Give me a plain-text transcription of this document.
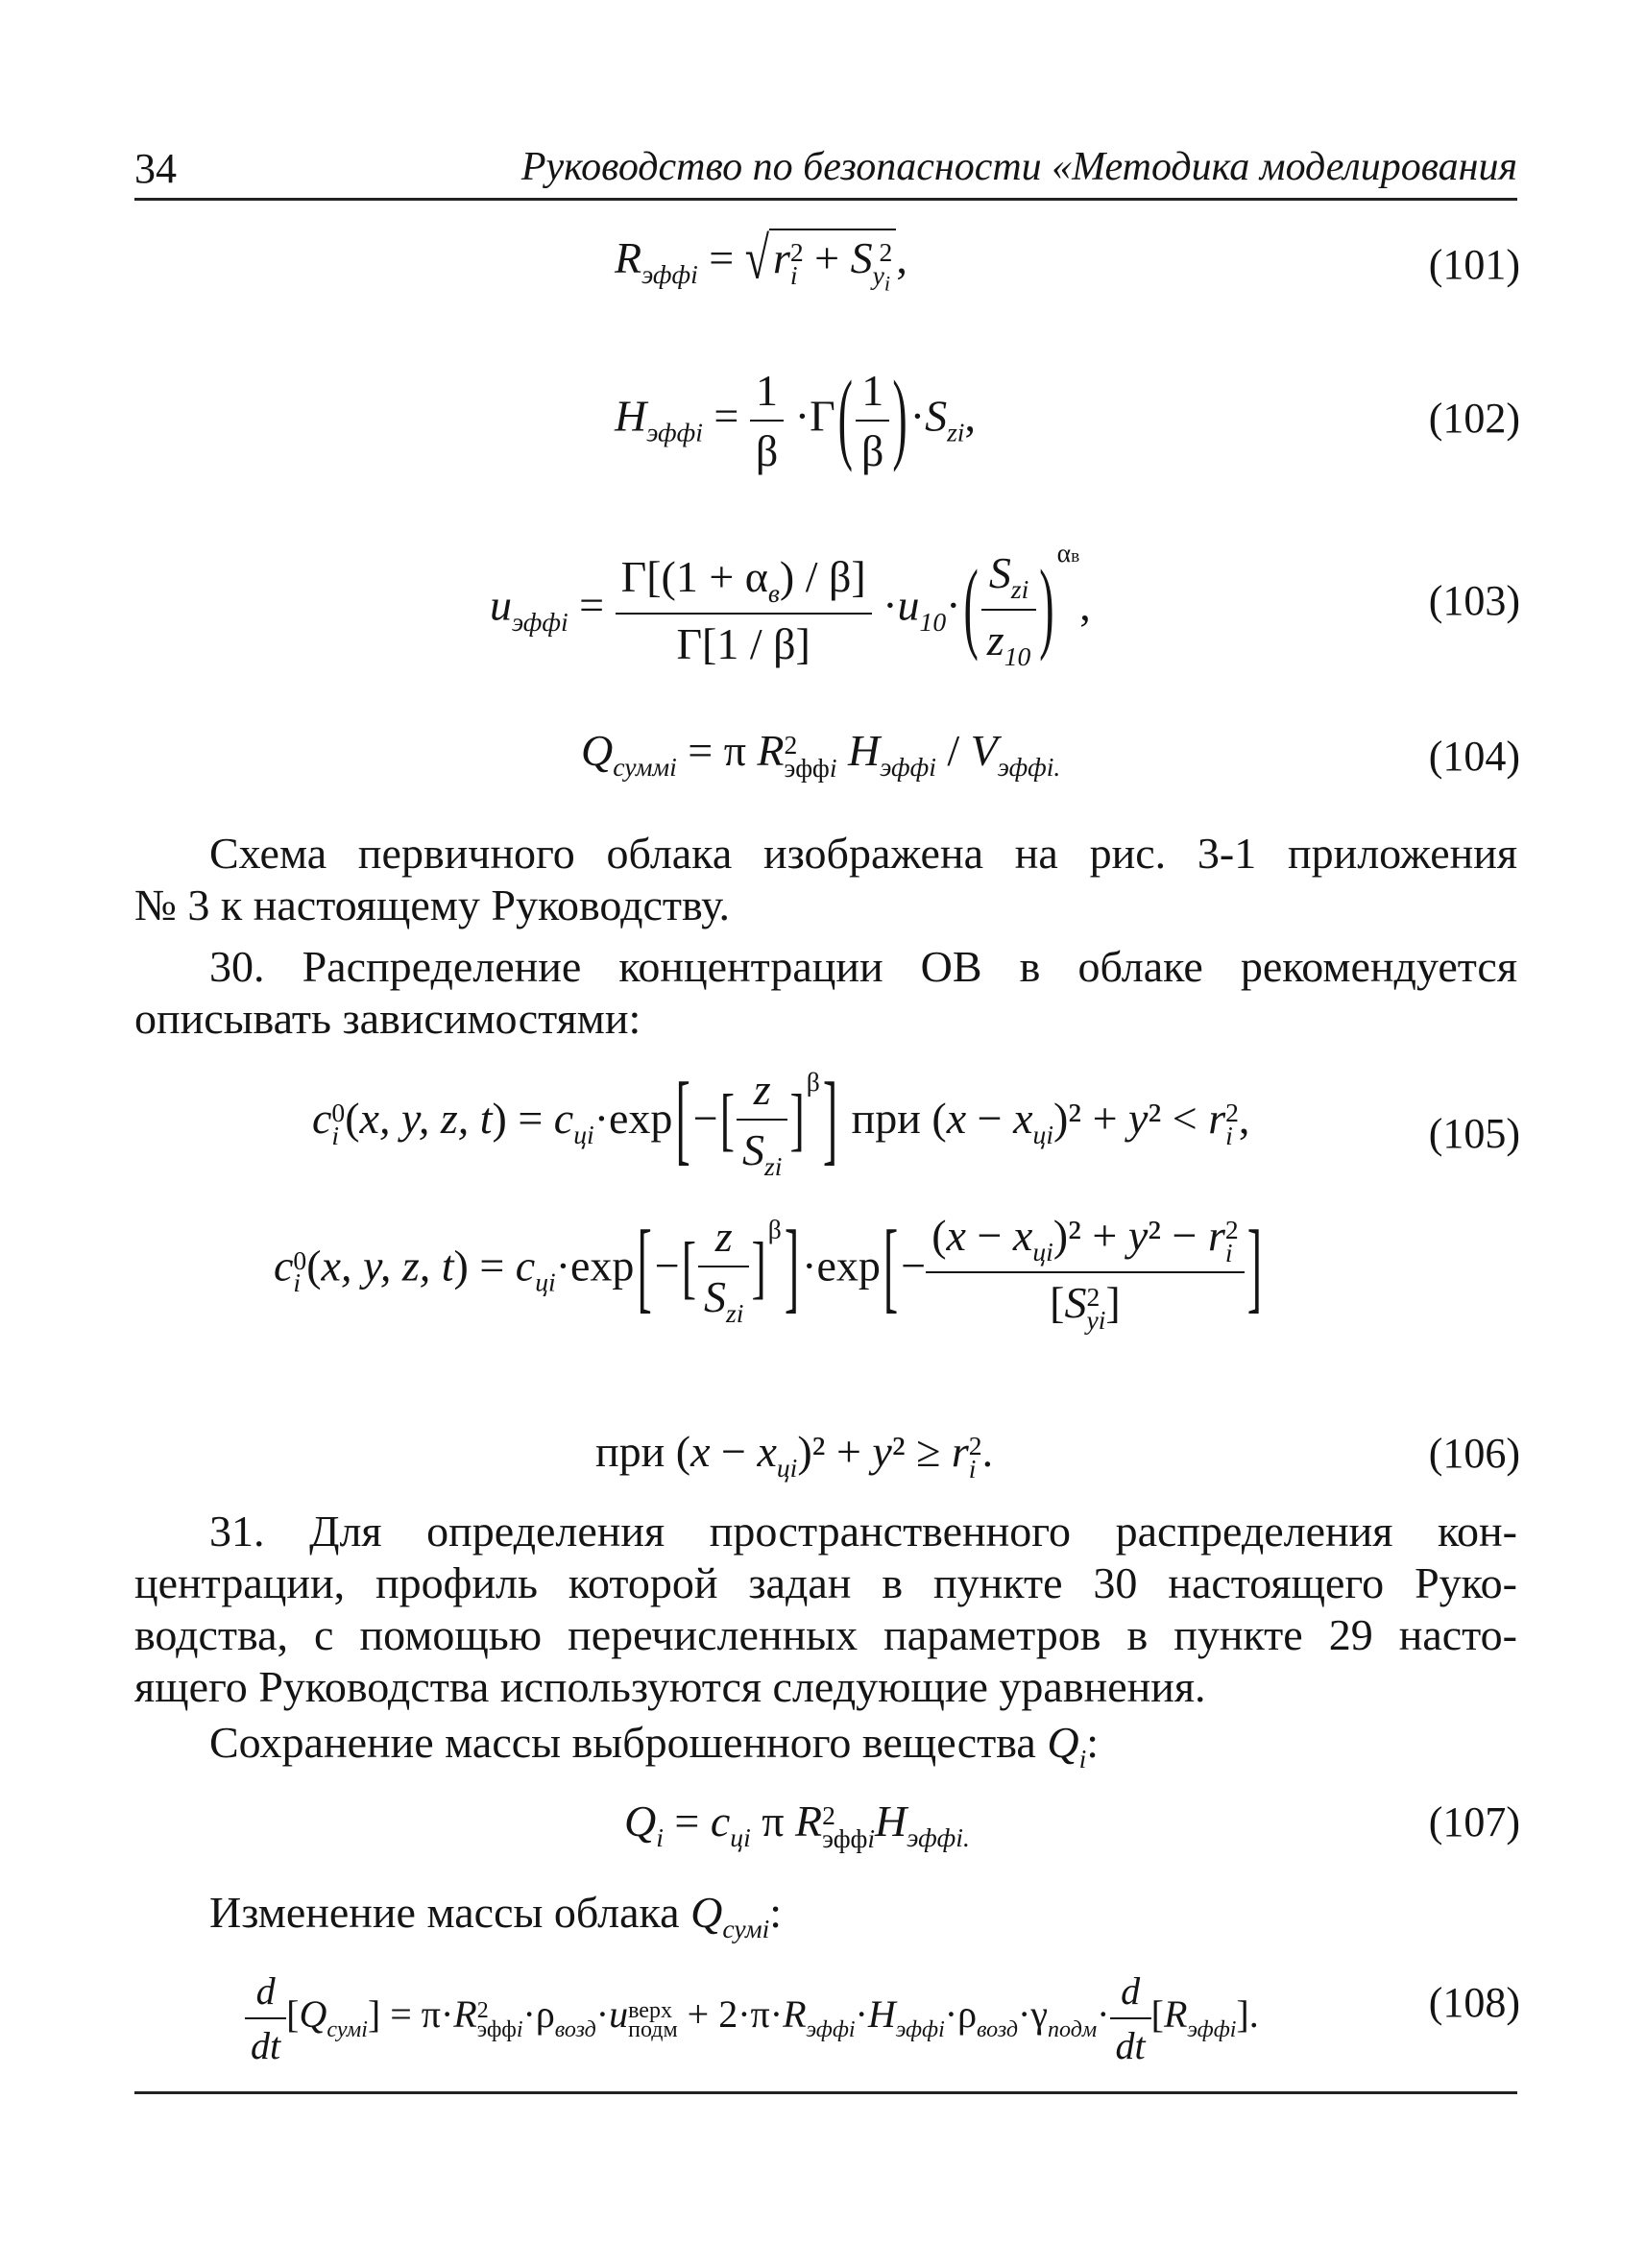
34	Руководство по безопасности «Методика моделирования
$R_{эффi} = √r$ 2
i + S 2
$y_i$
,	(101)
$H_{эффi} = \frac{1}{\beta} \cdot\Gamma( \frac{1}{\beta} )\cdot S_{zi}$,	(102)
$u_{эффi} = \frac{\Gamma[(1 + \alpha_в) / \beta]}{\Gamma[1 / \beta]} \cdot u_{10}\cdot( \frac{S_{zi}}{z_{10}}$ ) $^{\alpha в}$,	(103)
$Q_{суммi} = \pi$ R 2
эффi $H_{эффi} / V_{эффi.}$	(104)
Схема первичного облака изображена на рис. 3-1 приложения
№ 3 к настоящему Руководству.
30. Распределение концентрации ОВ в облаке рекомендуется
описывать зависимостями:
c 0
i (x, y, z, $t) = c_{цi}\cdot\exp[-[ \frac{z}{S_{zi}} ]^\beta]$ при $(x - x_{цi})^2 + y^2 < r$ 2
i ,	(105)
c 0
i (x, y, z, $t) = c_{цi}\cdot\exp[-[ \frac{z}{S_{zi}} ]^\beta]\cdot\exp[- (x - x_{цi})^2 + y^2 - r$ 2
i
[S 2
yi ] ]
при $(x - x_{цi})^2 + y^2 \ge r$ 2
i .	(106)
31. Для определения пространственного распределения кон-
центрации, профиль которой задан в пункте 30 настоящего Руко-
водства, с помощью перечисленных параметров в пункте 29 насто-
ящего Руководства используются следующие уравнения.
Сохранение массы выброшенного вещества $Q_i$:
$Q_i = c_{цi}$ π R 2
эффi $H_{эффi.}$	(107)
Изменение массы облака $Q_{сумi}$:
$\frac{d}{dt} [Q_{сумi}] = \pi\cdot R$ 2
эффi $\cdot\rho_{возд}\cdot u$ верх
подм + $2\cdot\pi\cdot R_{эффi}\cdot H_{эффi}\cdot\rho_{возд}\cdot\gamma_{подм}\cdot \frac{d}{dt} [R_{эффi}]$.	(108)
